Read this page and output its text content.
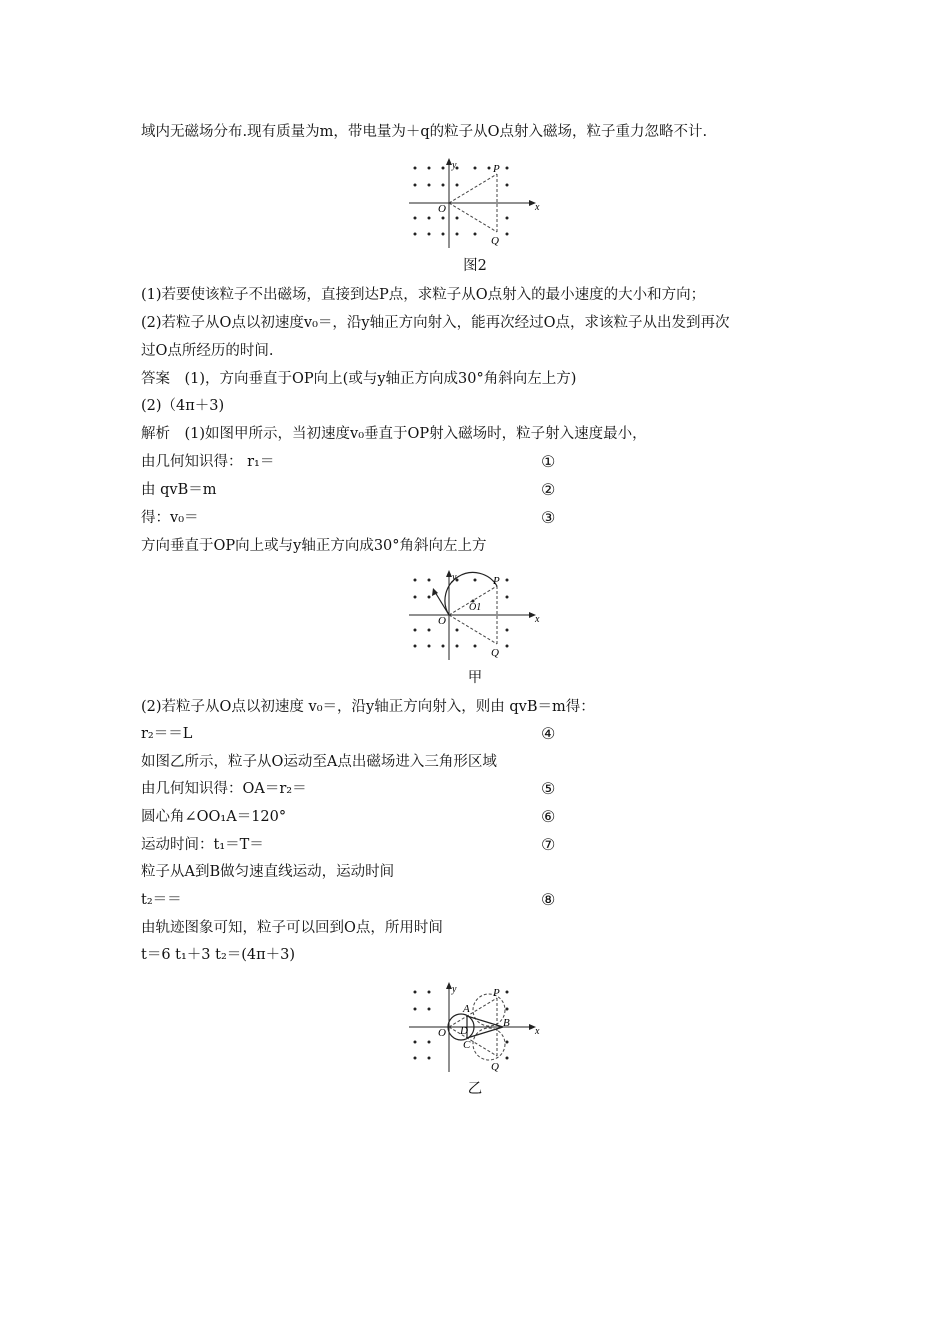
域内无磁场分布.现有质量为m，带电量为＋q的粒子从O点射入磁场，粒子重力忽略不计.
x
y
O
P
Q
图2
(1)若要使该粒子不出磁场，直接到达P点，求粒子从O点射入的最小速度的大小和方向；
(2)若粒子从O点以初速度v₀＝，沿y轴正方向射入，能再次经过O点，求该粒子从出发到再次
过O点所经历的时间.
答案　(1)，方向垂直于OP向上(或与y轴正方向成30°角斜向左上方)
(2)（4π＋3)
解析　(1)如图甲所示，当初速度v₀垂直于OP射入磁场时，粒子射入速度最小，
由几何知识得： r₁＝	①
由 qvB＝m	②
得：v₀＝	③
方向垂直于OP向上或与y轴正方向成30°角斜向左上方
x
y
O
P
Q
O1
甲
(2)若粒子从O点以初速度 v₀＝，沿y轴正方向射入，则由 qvB＝m得：
r₂＝＝L	④
如图乙所示，粒子从O运动至A点出磁场进入三角形区域
由几何知识得：OA＝r₂＝	⑤
圆心角∠OO₁A＝120°	⑥
运动时间：t₁＝T＝	⑦
粒子从A到B做匀速直线运动，运动时间
t₂＝＝	⑧
由轨迹图象可知，粒子可以回到O点，所用时间
t＝6 t₁＋3 t₂＝(4π＋3)
x
y
O
P
Q
A
B
C
D
乙
